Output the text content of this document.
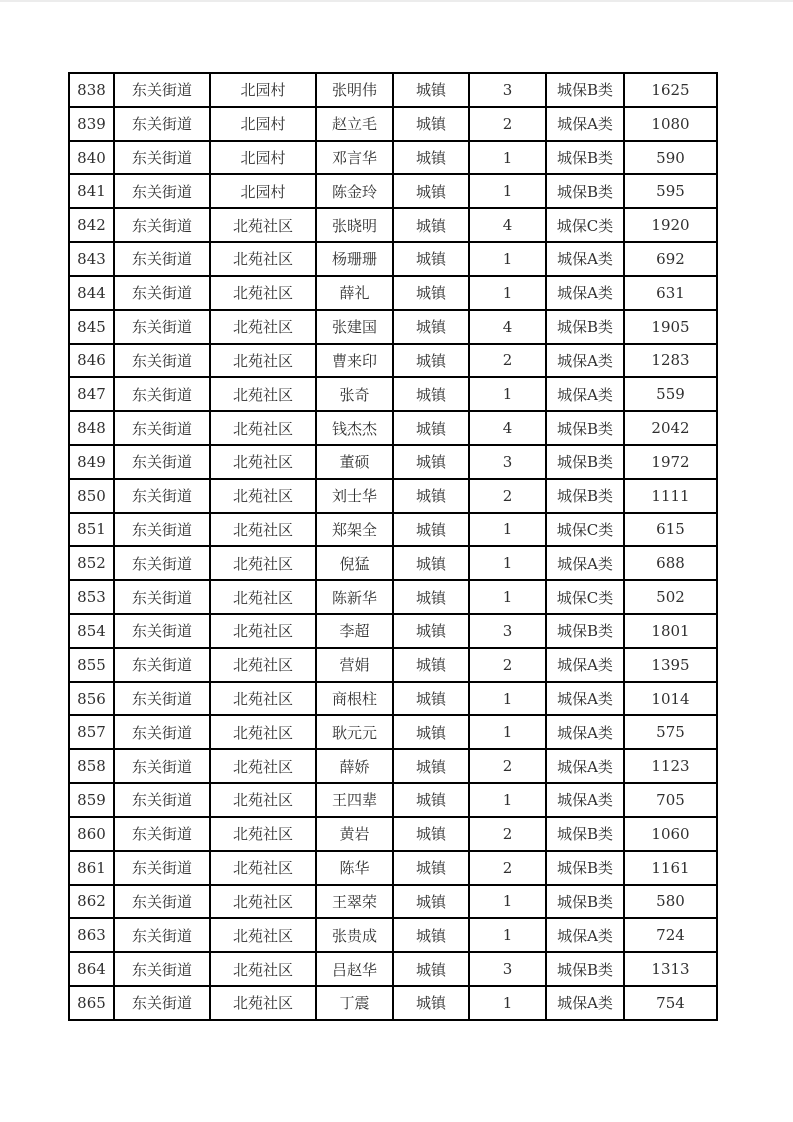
838	东关街道	北园村	张明伟	城镇	3	城保B类	1625
839	东关街道	北园村	赵立毛	城镇	2	城保A类	1080
840	东关街道	北园村	邓言华	城镇	1	城保B类	590
841	东关街道	北园村	陈金玲	城镇	1	城保B类	595
842	东关街道	北苑社区	张晓明	城镇	4	城保C类	1920
843	东关街道	北苑社区	杨珊珊	城镇	1	城保A类	692
844	东关街道	北苑社区	薛礼	城镇	1	城保A类	631
845	东关街道	北苑社区	张建国	城镇	4	城保B类	1905
846	东关街道	北苑社区	曹来印	城镇	2	城保A类	1283
847	东关街道	北苑社区	张奇	城镇	1	城保A类	559
848	东关街道	北苑社区	钱杰杰	城镇	4	城保B类	2042
849	东关街道	北苑社区	董硕	城镇	3	城保B类	1972
850	东关街道	北苑社区	刘士华	城镇	2	城保B类	1111
851	东关街道	北苑社区	郑架全	城镇	1	城保C类	615
852	东关街道	北苑社区	倪猛	城镇	1	城保A类	688
853	东关街道	北苑社区	陈新华	城镇	1	城保C类	502
854	东关街道	北苑社区	李超	城镇	3	城保B类	1801
855	东关街道	北苑社区	营娟	城镇	2	城保A类	1395
856	东关街道	北苑社区	商根柱	城镇	1	城保A类	1014
857	东关街道	北苑社区	耿元元	城镇	1	城保A类	575
858	东关街道	北苑社区	薛娇	城镇	2	城保A类	1123
859	东关街道	北苑社区	王四辈	城镇	1	城保A类	705
860	东关街道	北苑社区	黄岩	城镇	2	城保B类	1060
861	东关街道	北苑社区	陈华	城镇	2	城保B类	1161
862	东关街道	北苑社区	王翠荣	城镇	1	城保B类	580
863	东关街道	北苑社区	张贵成	城镇	1	城保A类	724
864	东关街道	北苑社区	吕赵华	城镇	3	城保B类	1313
865	东关街道	北苑社区	丁震	城镇	1	城保A类	754
